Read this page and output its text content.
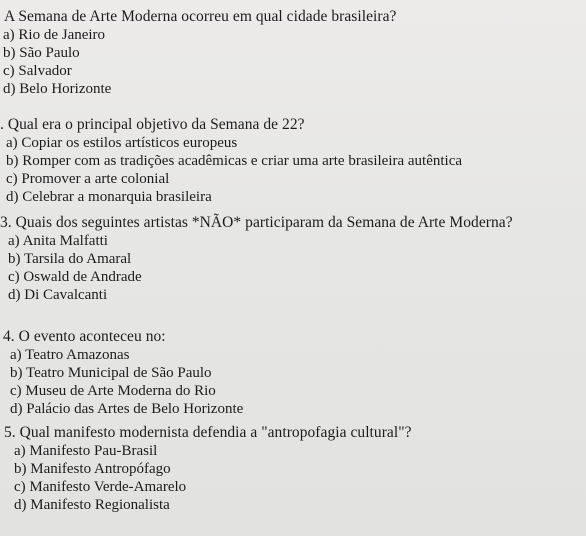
A Semana de Arte Moderna ocorreu em qual cidade brasileira?
a) Rio de Janeiro
b) São Paulo
c) Salvador
d) Belo Horizonte
. Qual era o principal objetivo da Semana de 22?
a) Copiar os estilos artísticos europeus
b) Romper com as tradições acadêmicas e criar uma arte brasileira autêntica
c) Promover a arte colonial
d) Celebrar a monarquia brasileira
3. Quais dos seguintes artistas *NÃO* participaram da Semana de Arte Moderna?
a) Anita Malfatti
b) Tarsila do Amaral
c) Oswald de Andrade
d) Di Cavalcanti
4. O evento aconteceu no:
a) Teatro Amazonas
b) Teatro Municipal de São Paulo
c) Museu de Arte Moderna do Rio
d) Palácio das Artes de Belo Horizonte
5. Qual manifesto modernista defendia a "antropofagia cultural"?
a) Manifesto Pau-Brasil
b) Manifesto Antropófago
c) Manifesto Verde-Amarelo
d) Manifesto Regionalista
